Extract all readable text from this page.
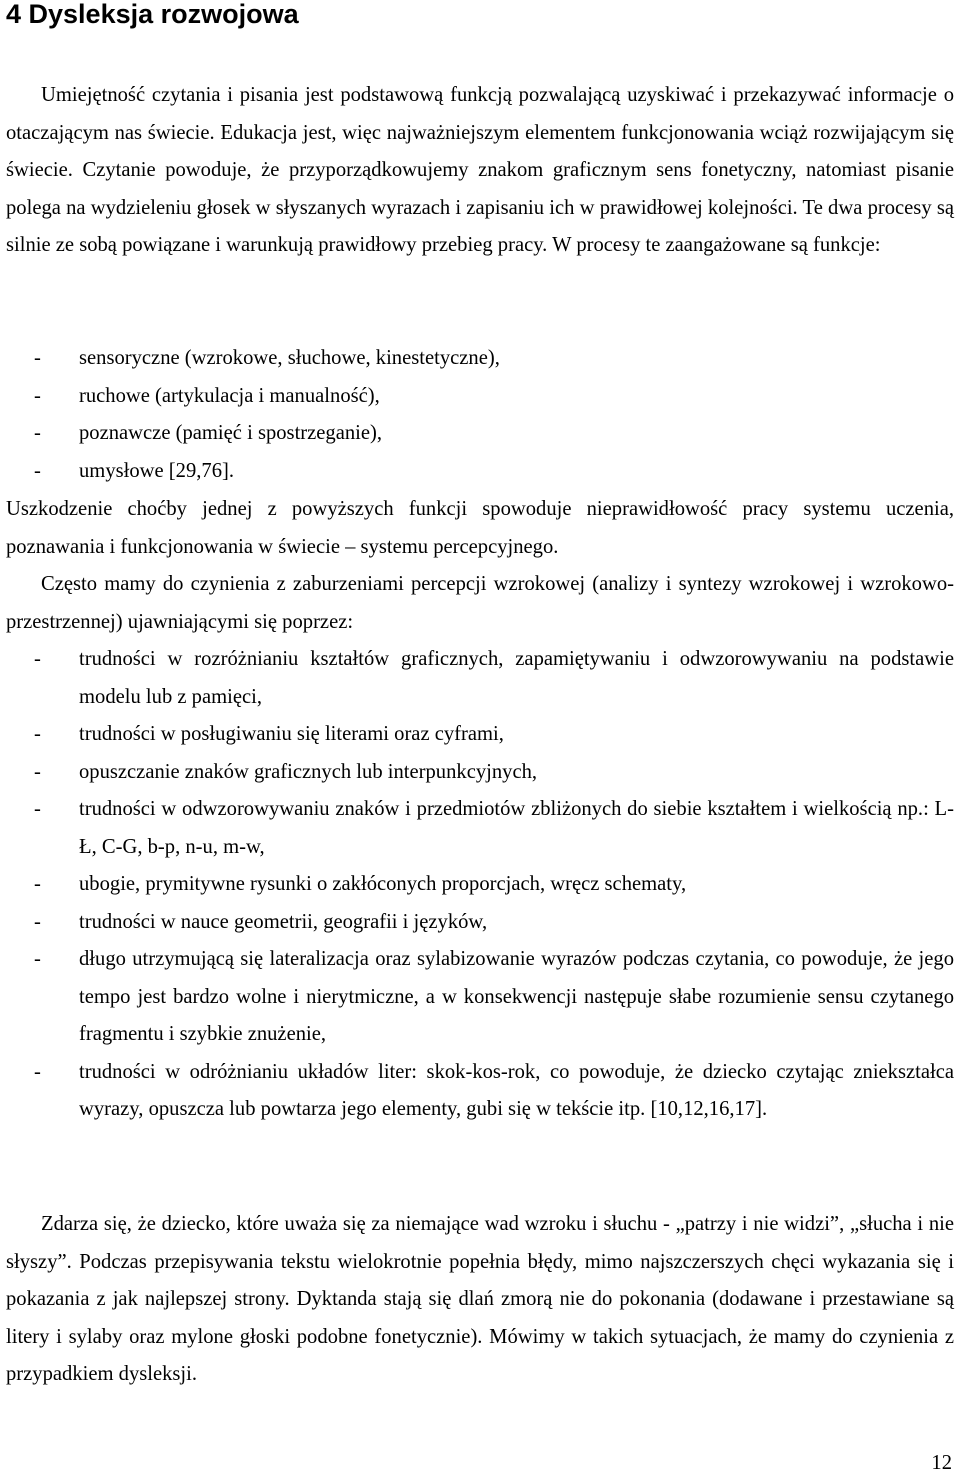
4 Dysleksja rozwojowa

Umiejętność czytania i pisania jest podstawową funkcją pozwalającą uzyskiwać i przekazywać informacje o otaczającym nas świecie. Edukacja jest, więc najważniejszym elementem funkcjonowania wciąż rozwijającym się świecie. Czytanie powoduje, że przyporządkowujemy znakom graficznym sens fonetyczny, natomiast pisanie polega na wydzieleniu głosek w słyszanych wyrazach i zapisaniu ich w prawidłowej kolejności. Te dwa procesy są silnie ze sobą powiązane i warunkują prawidłowy przebieg pracy. W procesy te zaangażowane są funkcje:

- sensoryczne (wzrokowe, słuchowe, kinestetyczne),
- ruchowe (artykulacja i manualność),
- poznawcze (pamięć i spostrzeganie),
- umysłowe [29,76].

Uszkodzenie choćby jednej z powyższych funkcji spowoduje nieprawidłowość pracy systemu uczenia, poznawania i funkcjonowania w świecie – systemu percepcyjnego.

Często mamy do czynienia z zaburzeniami percepcji wzrokowej (analizy i syntezy wzrokowej i wzrokowo-przestrzennej) ujawniającymi się poprzez:

- trudności w rozróżnianiu kształtów graficznych, zapamiętywaniu i odwzorowywaniu na podstawie modelu lub z pamięci,
- trudności w posługiwaniu się literami oraz cyframi,
- opuszczanie znaków graficznych lub interpunkcyjnych,
- trudności w odwzorowywaniu znaków i przedmiotów zbliżonych do siebie kształtem i wielkością np.: L-Ł, C-G, b-p, n-u, m-w,
- ubogie, prymitywne rysunki o zakłóconych proporcjach, wręcz schematy,
- trudności w nauce geometrii, geografii i języków,
- długo utrzymującą się lateralizacja oraz sylabizowanie wyrazów podczas czytania, co powoduje, że jego tempo jest bardzo wolne i nierytmiczne, a w konsekwencji następuje słabe rozumienie sensu czytanego fragmentu i szybkie znużenie,
- trudności w odróżnianiu układów liter: skok-kos-rok, co powoduje, że dziecko czytając zniekształca wyrazy, opuszcza lub powtarza jego elementy, gubi się w tekście itp. [10,12,16,17].

Zdarza się, że dziecko, które uważa się za niemające wad wzroku i słuchu - „patrzy i nie widzi”, „słucha i nie słyszy”. Podczas przepisywania tekstu wielokrotnie popełnia błędy, mimo najszczerszych chęci wykazania się i pokazania z jak najlepszej strony. Dyktanda stają się dlań zmorą nie do pokonania (dodawane i przestawiane są litery i sylaby oraz mylone głoski podobne fonetycznie). Mówimy w takich sytuacjach, że mamy do czynienia z przypadkiem dysleksji.

12
